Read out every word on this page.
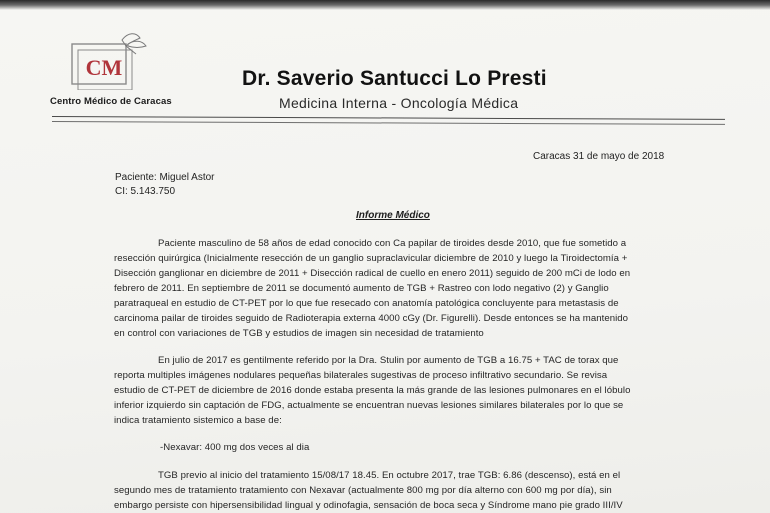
CM
Centro Médico de Caracas
Dr. Saverio Santucci Lo Presti
Medicina Interna - Oncología Médica
Caracas 31 de mayo de 2018
Paciente: Miguel Astor
CI: 5.143.750
Informe Médico
Paciente masculino de 58 años de edad conocido con Ca papilar de tiroides desde 2010, que fue sometido a
resección quirúrgica (Inicialmente resección de un ganglio supraclavicular diciembre de 2010 y luego la Tiroidectomía +
Disección ganglionar en diciembre de 2011 + Disección radical de cuello en enero 2011) seguido de 200 mCi de lodo en
febrero de 2011. En septiembre de 2011 se documentó aumento de TGB + Rastreo con lodo negativo (2) y Ganglio
paratraqueal en estudio de CT-PET por lo que fue resecado con anatomía patológica concluyente para metastasis de
carcinoma pailar de tiroides seguido de Radioterapia externa 4000 cGy (Dr. Figurelli). Desde entonces se ha mantenido
en control con variaciones de TGB y estudios de imagen sin necesidad de tratamiento
En julio de 2017 es gentilmente referido por la Dra. Stulin por aumento de TGB a 16.75 + TAC de torax que
reporta multiples imágenes nodulares pequeñas bilaterales sugestivas de proceso infiltrativo secundario. Se revisa
estudio de CT-PET de diciembre de 2016 donde estaba presenta la más grande de las lesiones pulmonares en el lóbulo
inferior izquierdo sin captación de FDG, actualmente se encuentran nuevas lesiones similares bilaterales por lo que se
indica tratamiento sistemico a base de:
-Nexavar: 400 mg dos veces al dia
TGB previo al inicio del tratamiento 15/08/17 18.45. En octubre 2017, trae TGB: 6.86 (descenso), está en el
segundo mes de tratamiento tratamiento con Nexavar (actualmente 800 mg por día alterno con 600 mg por día), sin
embargo persiste con hipersensibilidad lingual y odinofagia, sensación de boca seca y Síndrome mano pie grado III/IV
